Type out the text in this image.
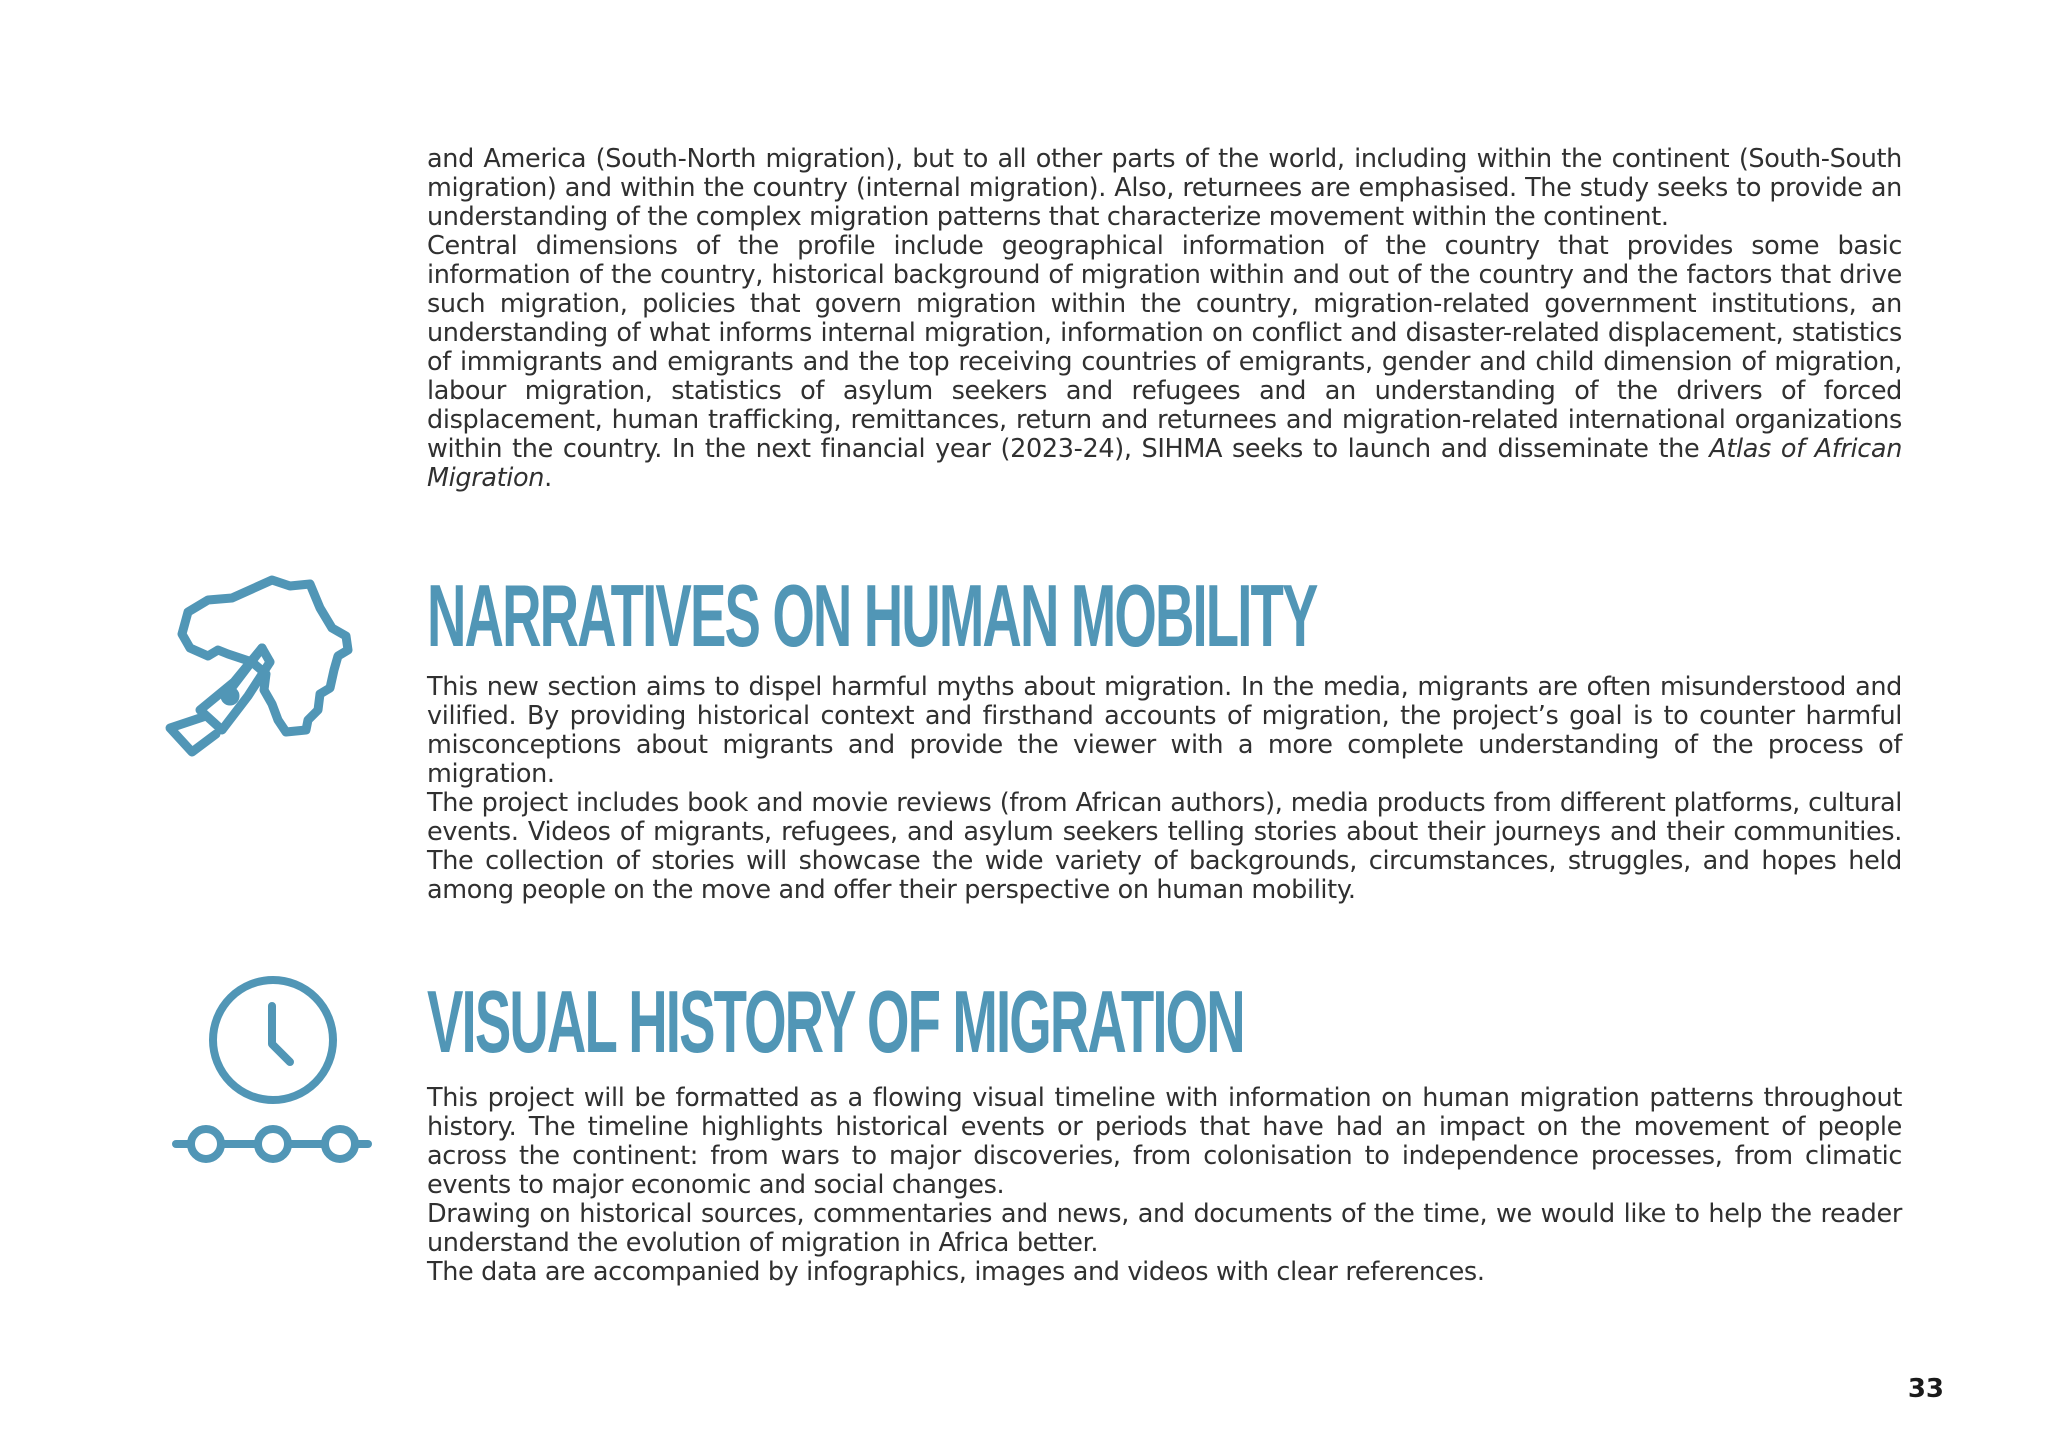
and America (South-North migration), but to all other parts of the world, including within the continent (South-South migration) and within the country (internal migration). Also, returnees are emphasised. The study seeks to provide an understanding of the complex migration patterns that characterize movement within the continent.

Central dimensions of the profile include geographical information of the country that provides some basic information of the country, historical background of migration within and out of the country and the factors that drive such migration, policies that govern migration within the country, migration-related government institutions, an understanding of what informs internal migration, information on conflict and disaster-related displacement, statistics of immigrants and emigrants and the top receiving countries of emigrants, gender and child dimension of migration, labour migration, statistics of asylum seekers and refugees and an understanding of the drivers of forced displacement, human trafficking, remittances, return and returnees and migration-related international organizations within the country. In the next financial year (2023-24), SIHMA seeks to launch and disseminate the Atlas of African Migration.

NARRATIVES ON HUMAN MOBILITY

This new section aims to dispel harmful myths about migration. In the media, migrants are often misunderstood and vilified. By providing historical context and firsthand accounts of migration, the project’s goal is to counter harmful misconceptions about migrants and provide the viewer with a more complete understanding of the process of migration.

The project includes book and movie reviews (from African authors), media products from different platforms, cultural events. Videos of migrants, refugees, and asylum seekers telling stories about their journeys and their communities. The collection of stories will showcase the wide variety of backgrounds, circumstances, struggles, and hopes held among people on the move and offer their perspective on human mobility.

VISUAL HISTORY OF MIGRATION

This project will be formatted as a flowing visual timeline with information on human migration patterns throughout history. The timeline highlights historical events or periods that have had an impact on the movement of people across the continent: from wars to major discoveries, from colonisation to independence processes, from climatic events to major economic and social changes.

Drawing on historical sources, commentaries and news, and documents of the time, we would like to help the reader understand the evolution of migration in Africa better.

The data are accompanied by infographics, images and videos with clear references.

33
